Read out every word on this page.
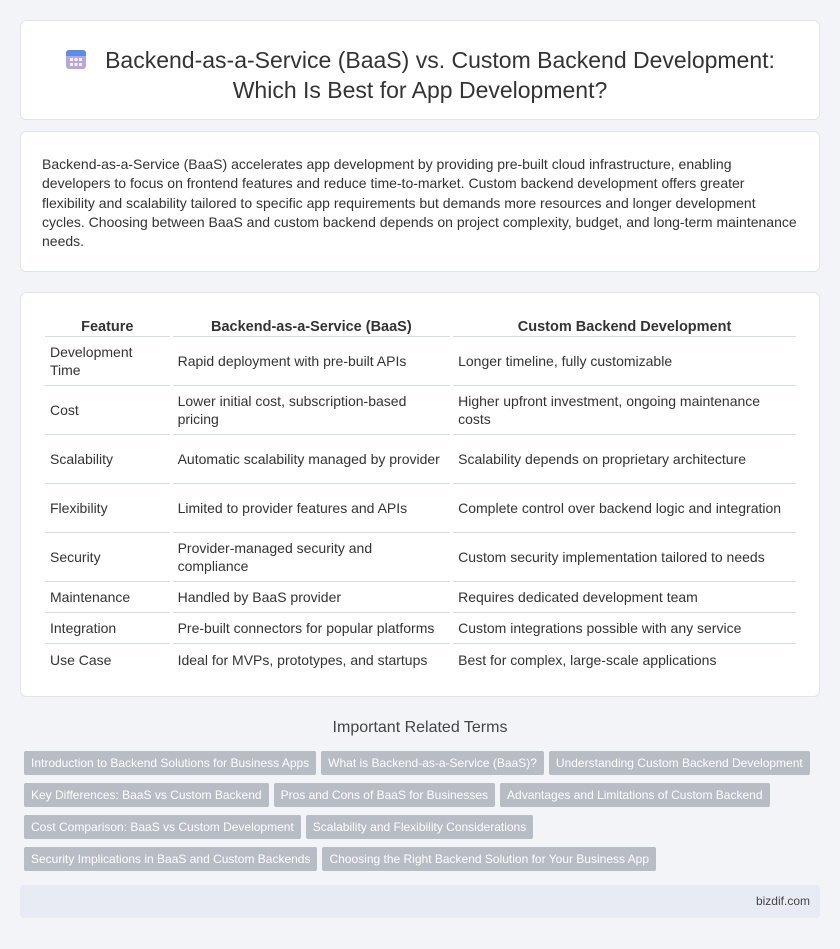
Backend-as-a-Service (BaaS) vs. Custom Backend Development:
Which Is Best for App Development?

Backend-as-a-Service (BaaS) accelerates app development by providing pre-built cloud infrastructure, enabling developers to focus on frontend features and reduce time-to-market. Custom backend development offers greater flexibility and scalability tailored to specific app requirements but demands more resources and longer development cycles. Choosing between BaaS and custom backend depends on project complexity, budget, and long-term maintenance needs.

Feature	Backend-as-a-Service (BaaS)	Custom Backend Development
Development Time	Rapid deployment with pre-built APIs	Longer timeline, fully customizable
Cost	Lower initial cost, subscription-based pricing	Higher upfront investment, ongoing maintenance costs
Scalability	Automatic scalability managed by provider	Scalability depends on proprietary architecture
Flexibility	Limited to provider features and APIs	Complete control over backend logic and integration
Security	Provider-managed security and compliance	Custom security implementation tailored to needs
Maintenance	Handled by BaaS provider	Requires dedicated development team
Integration	Pre-built connectors for popular platforms	Custom integrations possible with any service
Use Case	Ideal for MVPs, prototypes, and startups	Best for complex, large-scale applications
Important Related Terms
Introduction to Backend Solutions for Business Apps What is Backend-as-a-Service (BaaS)? Understanding Custom Backend Development
Key Differences: BaaS vs Custom Backend Pros and Cons of BaaS for Businesses Advantages and Limitations of Custom Backend
Cost Comparison: BaaS vs Custom Development Scalability and Flexibility Considerations
Security Implications in BaaS and Custom Backends Choosing the Right Backend Solution for Your Business App
bizdif.com
